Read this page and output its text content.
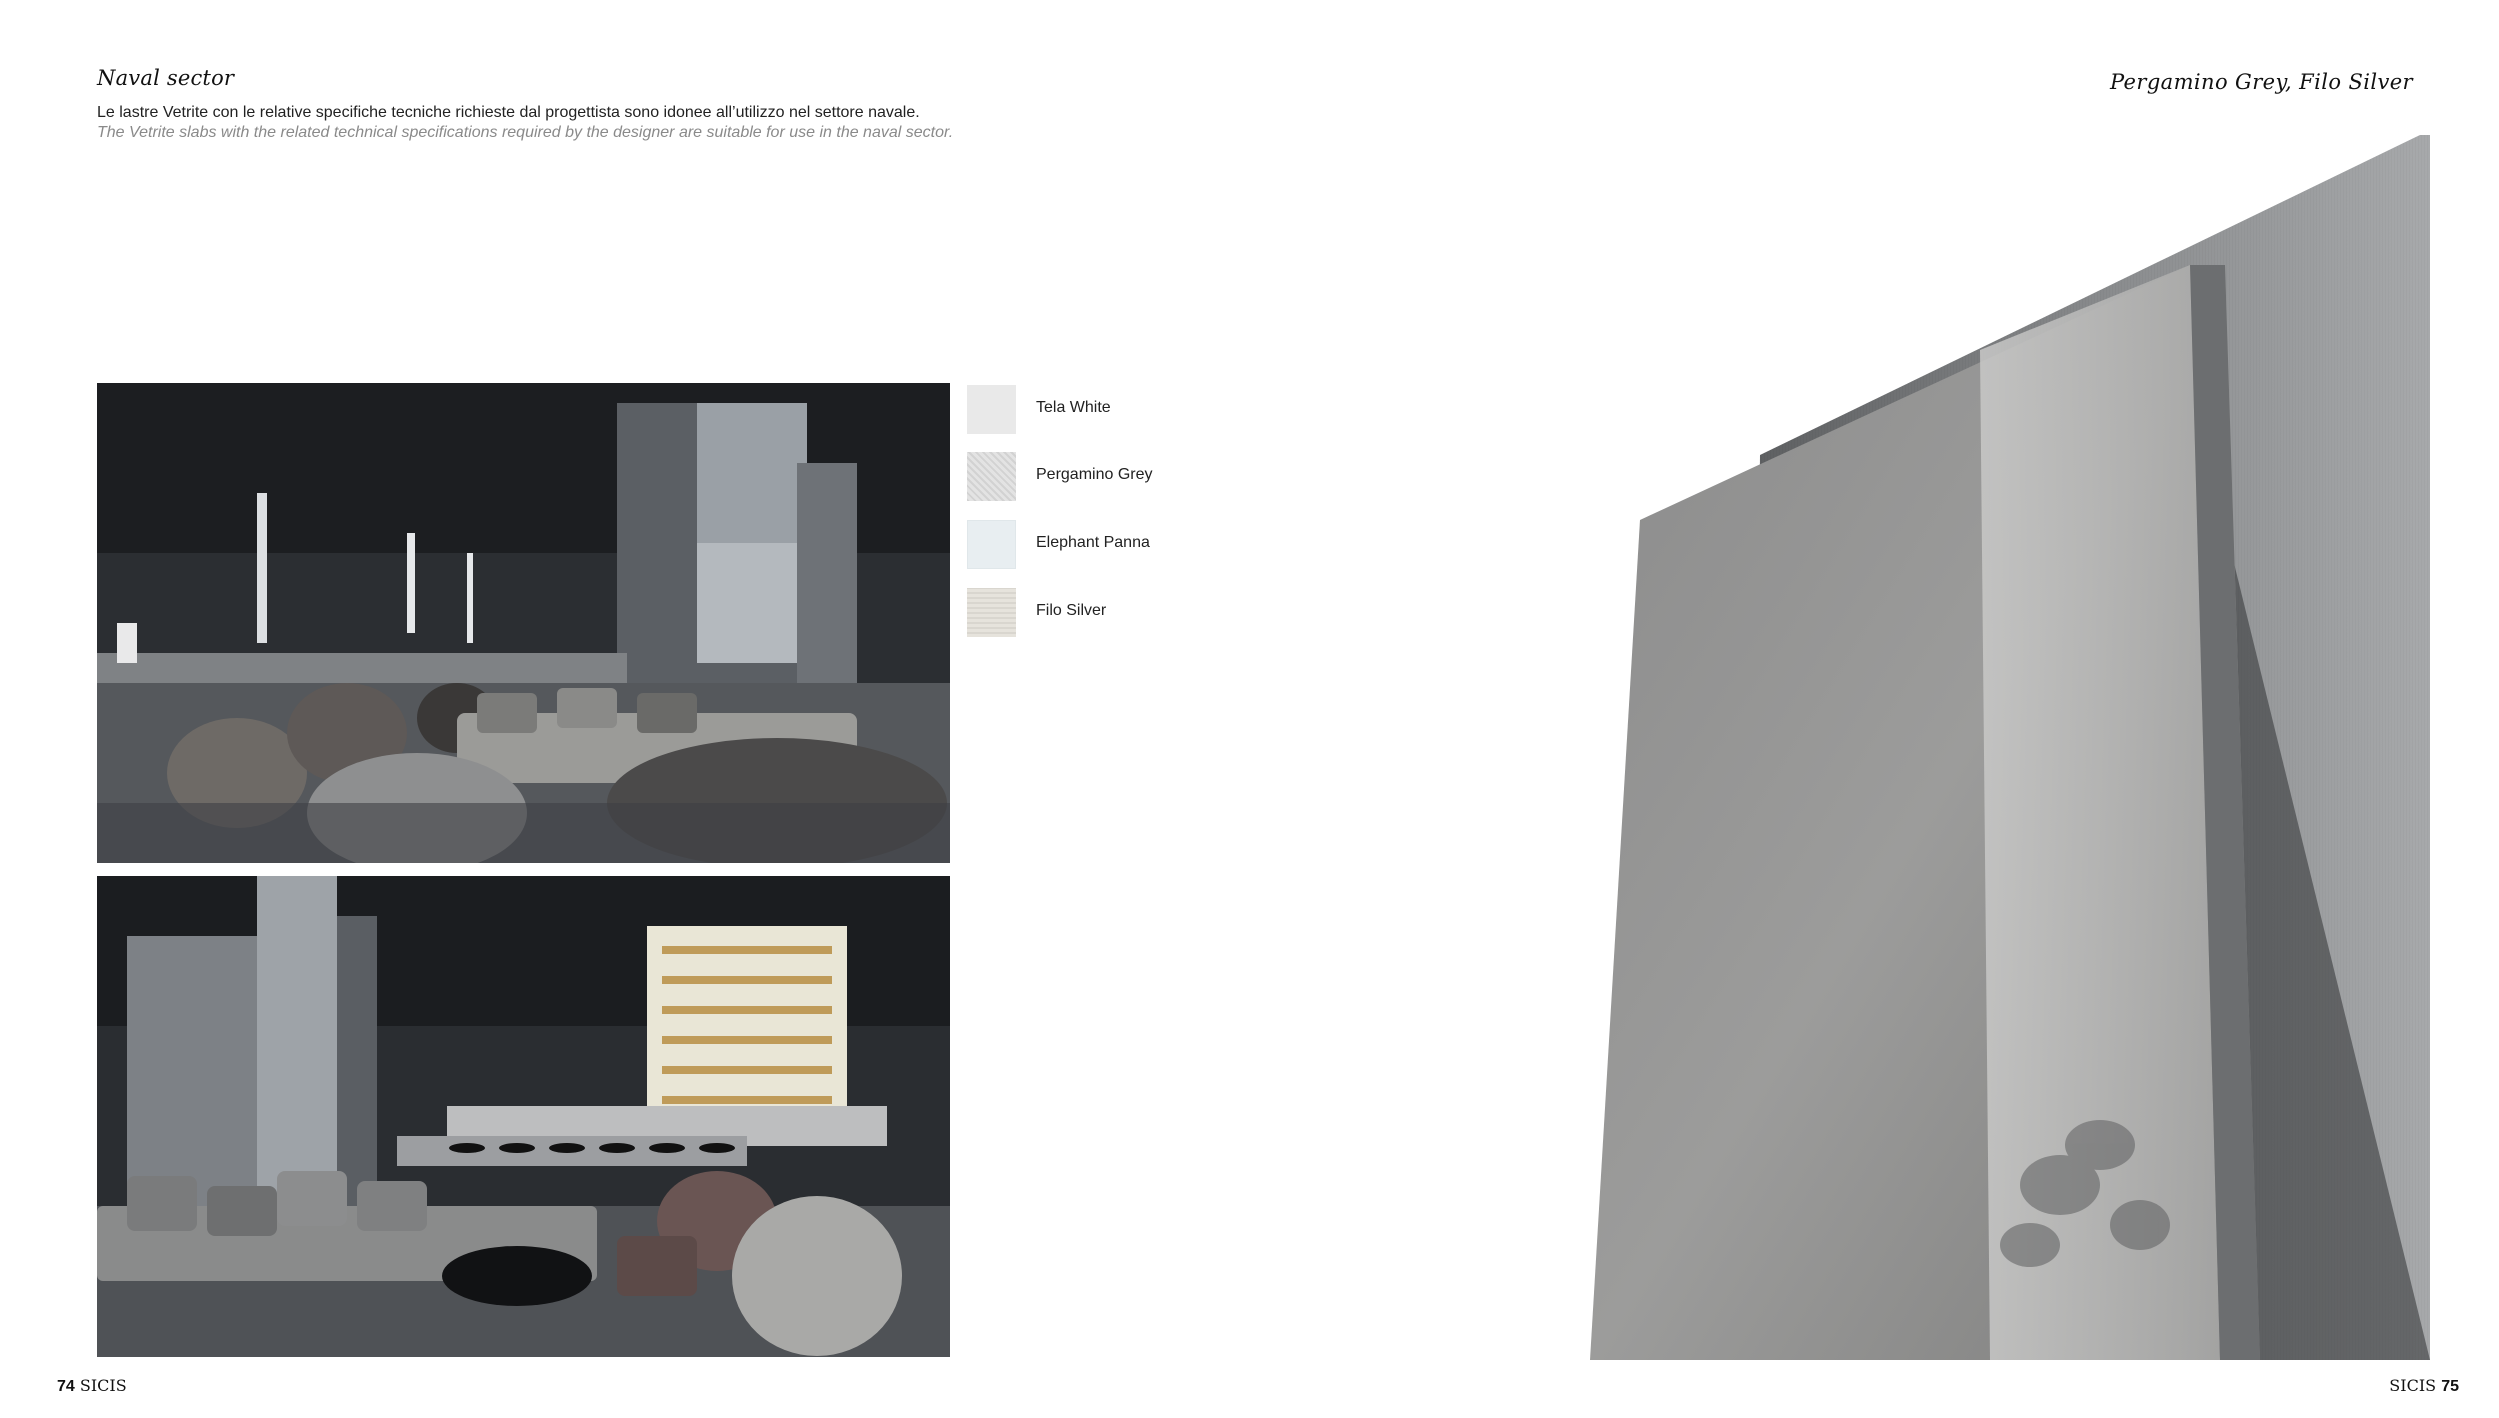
Naval sector
Le lastre Vetrite con le relative specifiche tecniche richieste dal progettista sono idonee all’utilizzo nel settore navale.
The Vetrite slabs with the related technical specifications required by the designer are suitable for use in the naval sector.
Pergamino Grey, Filo Silver
Tela White
Pergamino Grey
Elephant Panna
Filo Silver
74 SICIS	SICIS 75
